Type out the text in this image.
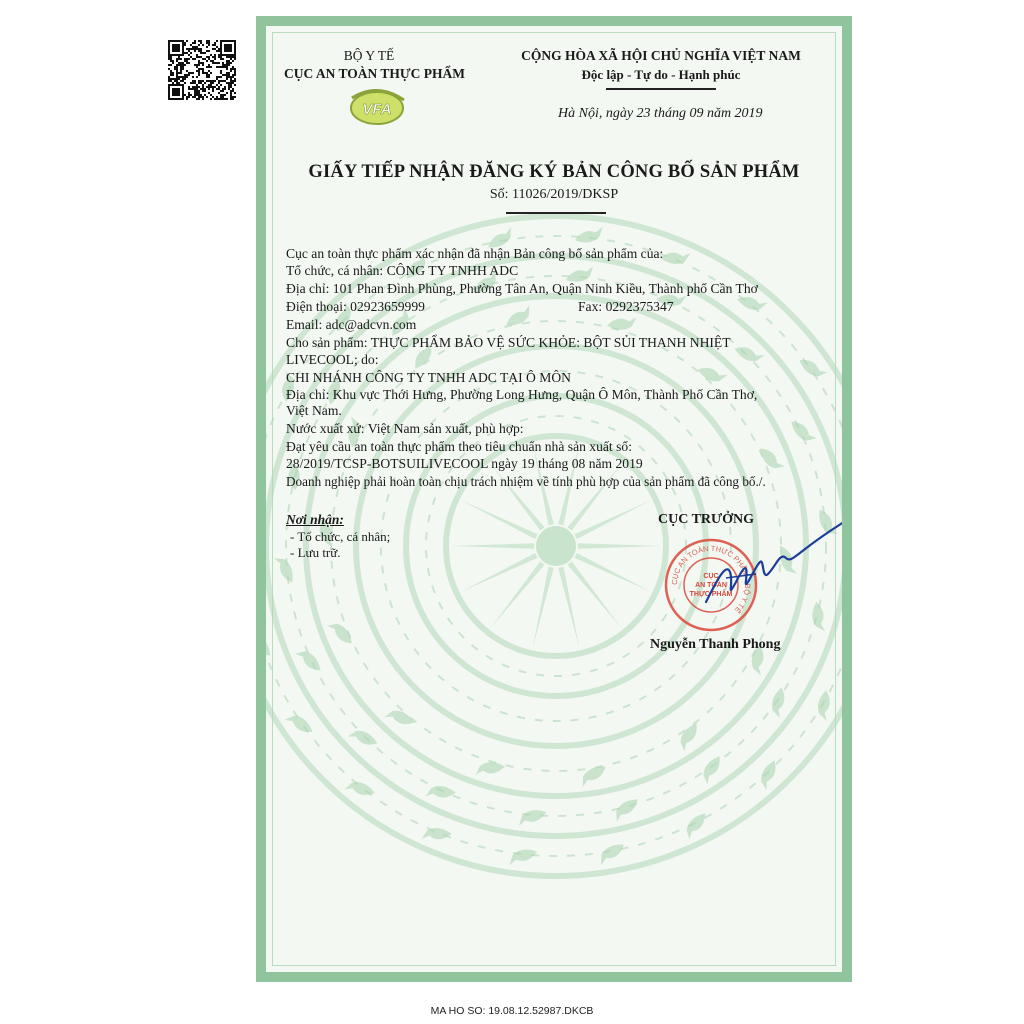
BỘ Y TẾ
CỤC AN TOÀN THỰC PHẨM
VFA
CỘNG HÒA XÃ HỘI CHỦ NGHĨA VIỆT NAM
Độc lập - Tự do - Hạnh phúc
Hà Nội, ngày 23 tháng 09 năm 2019
GIẤY TIẾP NHẬN ĐĂNG KÝ BẢN CÔNG BỐ SẢN PHẨM
Số: 11026/2019/DKSP
Cục an toàn thực phẩm xác nhận đã nhận Bản công bố sản phẩm của:
Tổ chức, cá nhân: CÔNG TY TNHH ADC
Địa chỉ: 101 Phan Đình Phùng, Phường Tân An, Quận Ninh Kiều, Thành phố Cần Thơ
Điện thoại: 02923659999	Fax: 0292375347
Email: adc@adcvn.com
Cho sản phẩm: THỰC PHẨM BẢO VỆ SỨC KHỎE: BỘT SỦI THANH NHIỆT
LIVECOOL; do:
CHI NHÁNH CÔNG TY TNHH ADC TẠI Ô MÔN
Địa chỉ: Khu vực Thới Hưng, Phường Long Hưng, Quận Ô Môn, Thành Phố Cần Thơ,
Việt Nam.
Nước xuất xứ: Việt Nam sản xuất, phù hợp:
Đạt yêu cầu an toàn thực phẩm theo tiêu chuẩn nhà sản xuất số:
28/2019/TCSP-BOTSUILIVECOOL ngày 19 tháng 08 năm 2019
Doanh nghiệp phải hoàn toàn chịu trách nhiệm về tính phù hợp của sản phẩm đã công bố./.
Nơi nhận:
- Tổ chức, cá nhân;
- Lưu trữ.
CỤC TRƯỞNG
CỤC AN TOÀN THỰC PHẨM · BỘ Y TẾ
CỤC
AN TOÀN
THỰC PHẨM
Nguyễn Thanh Phong
MA HO SO: 19.08.12.52987.DKCB
